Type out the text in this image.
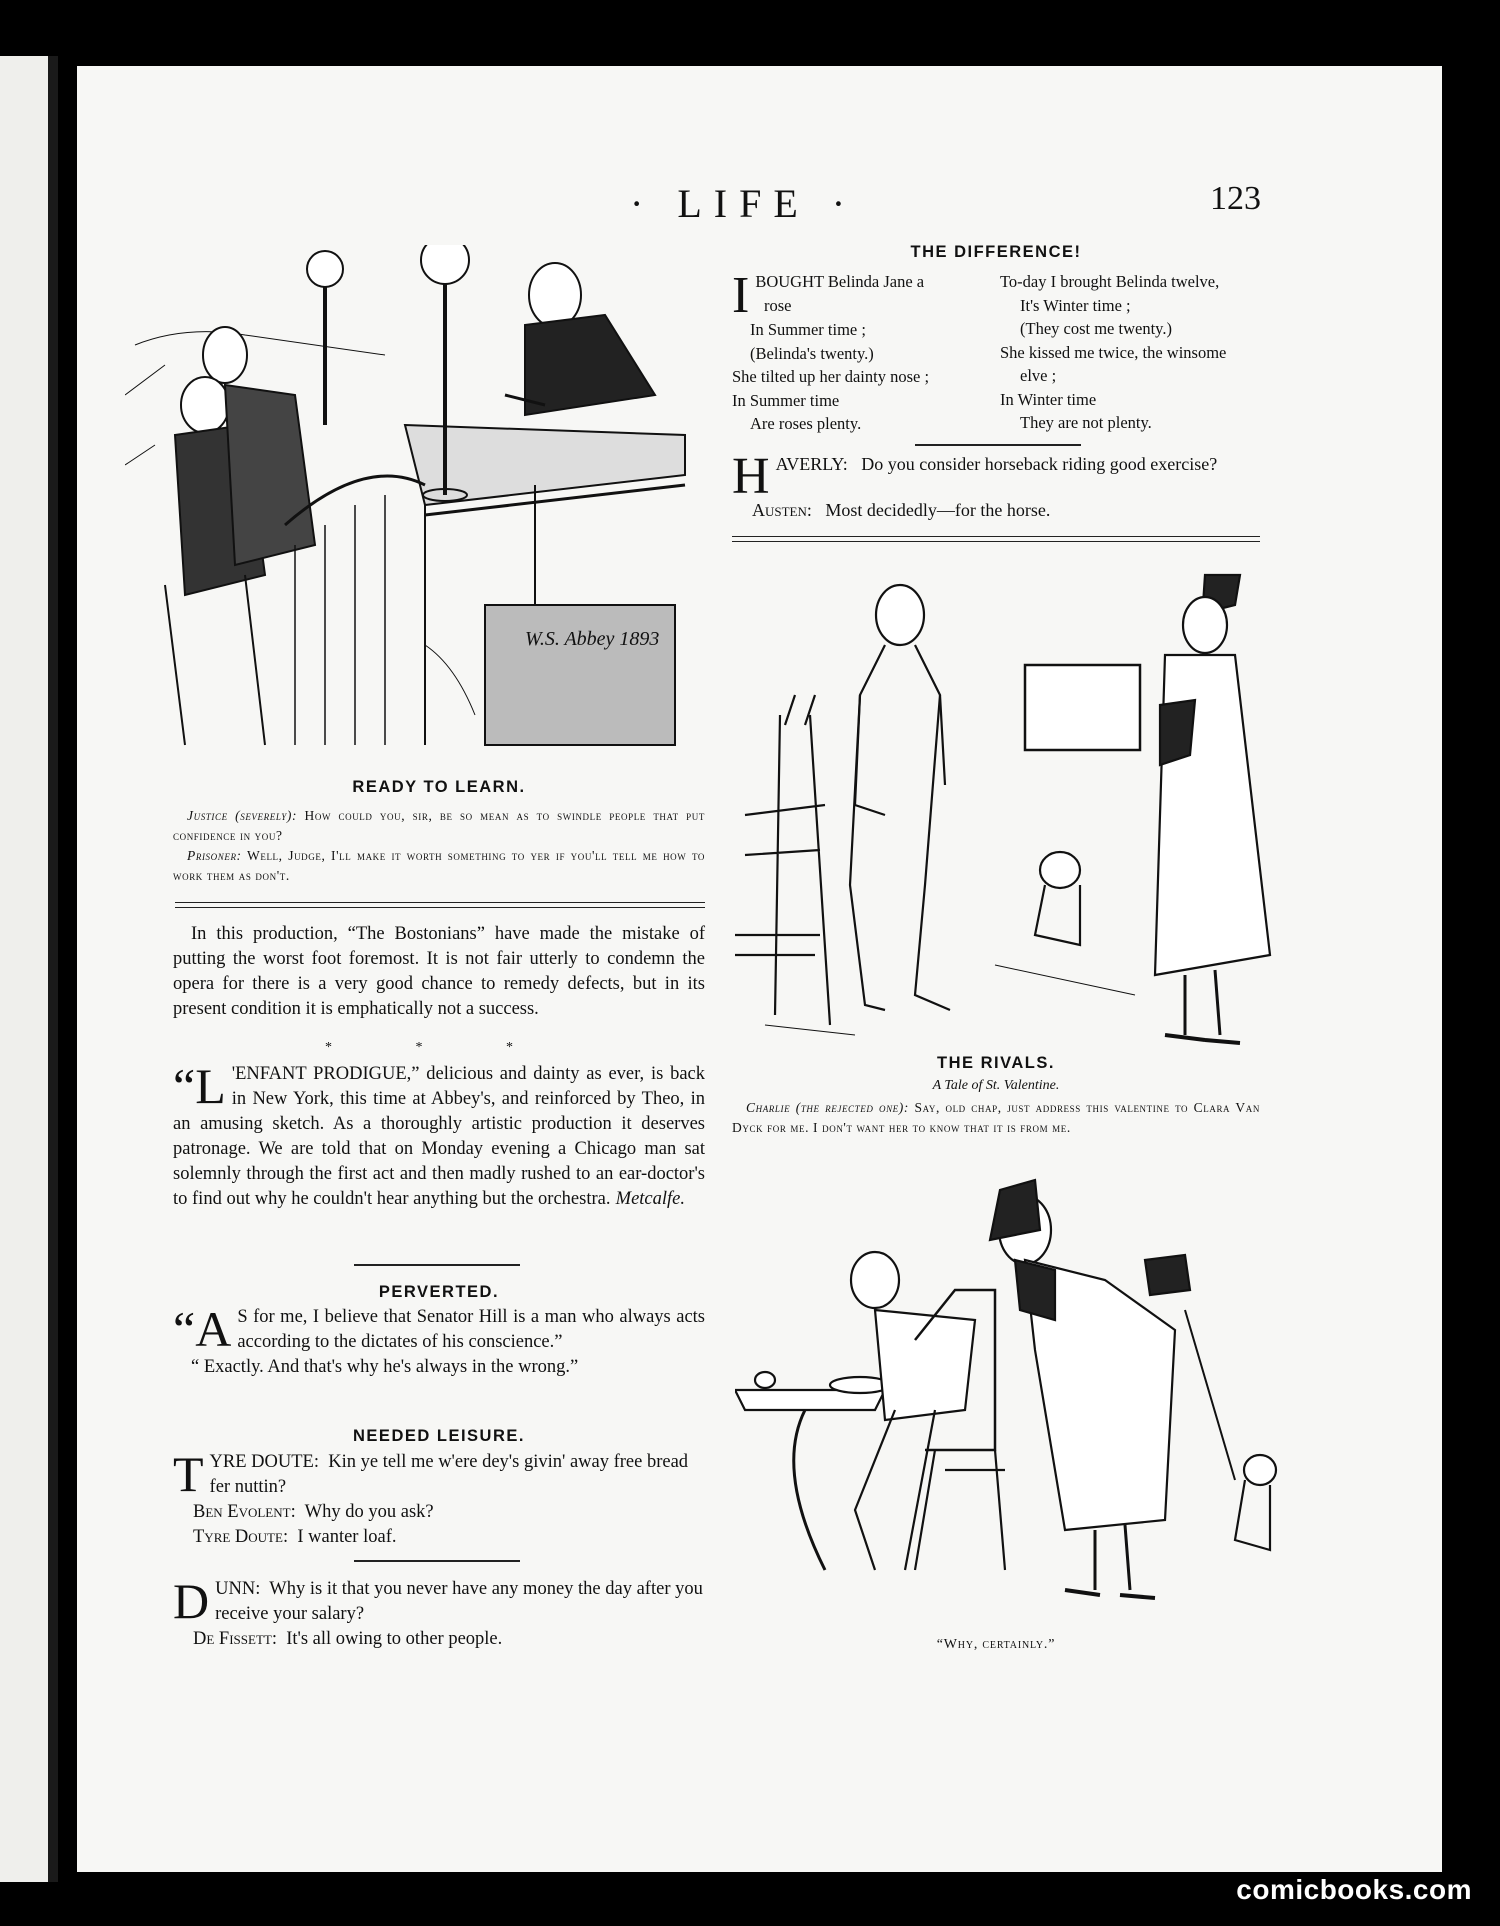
· LIFE ·	123
W.S. Abbey 1893
READY TO LEARN.
Justice (severely): How could you, sir, be so mean as to swindle people that put confidence in you?
Prisoner: Well, Judge, I'll make it worth something to yer if you'll tell me how to work them as don't.
In this production, “The Bostonians” have made the mistake of putting the worst foot foremost. It is not fair utterly to condemn the opera for there is a very good chance to remedy defects, but in its present condition it is emphatically not a success.
* * *
“L 'ENFANT PRODIGUE,” delicious and dainty as ever, is back in New York, this time at Abbey's, and reinforced by Theo, in an amusing sketch. As a thoroughly artistic production it deserves patronage. We are told that on Monday evening a Chicago man sat solemnly through the first act and then madly rushed to an ear-doctor's to find out why he couldn't hear anything but the orchestra. Metcalfe.
PERVERTED.
“A S for me, I believe that Senator Hill is a man who always acts according to the dictates of his conscience.”
“ Exactly. And that's why he's always in the wrong.”
NEEDED LEISURE.
T YRE DOUTE: Kin ye tell me w'ere dey's givin' away free bread fer nuttin?
Ben Evolent: Why do you ask?
Tyre Doute: I wanter loaf.
D UNN: Why is it that you never have any money the day after you receive your salary?
De Fissett: It's all owing to other people.
THE DIFFERENCE!
I BOUGHT Belinda Jane a
rose
In Summer time ;
(Belinda's twenty.)
She tilted up her dainty nose ;
In Summer time
Are roses plenty.
To-day I brought Belinda twelve,
It's Winter time ;
(They cost me twenty.)
She kissed me twice, the winsome
elve ;
In Winter time
They are not plenty.
H AVERLY: Do you consider horseback riding good exercise?
Austen: Most decidedly—for the horse.
THE RIVALS.
A Tale of St. Valentine.
Charlie (the rejected one): Say, old chap, just address this valentine to Clara Van Dyck for me. I don't want her to know that it is from me.
“Why, certainly.”
comicbooks.com
